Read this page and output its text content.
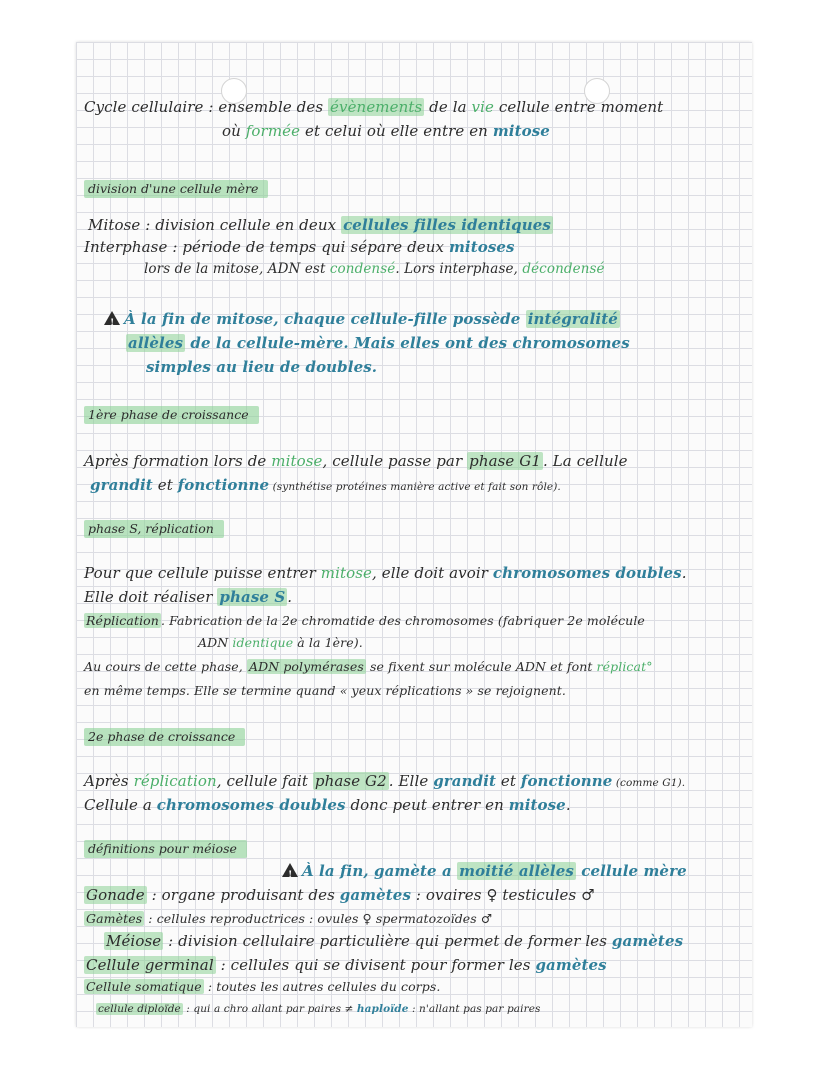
Cycle cellulaire : ensemble des évènements de la vie cellule entre moment
où formée et celui où elle entre en mitose
division d'une cellule mère
Mitose : division cellule en deux cellules filles identiques
Interphase : période de temps qui sépare deux mitoses
lors de la mitose, ADN est condensé. Lors interphase, décondensé
!À la fin de mitose, chaque cellule-fille possède intégralité
allèles de la cellule-mère. Mais elles ont des chromosomes
simples au lieu de doubles.
1ère phase de croissance
Après formation lors de mitose, cellule passe par phase G1 . La cellule
grandit et fonctionne (synthétise protéines manière active et fait son rôle).
phase S, réplication
Pour que cellule puisse entrer mitose, elle doit avoir chromosomes doubles.
Elle doit réaliser phase S .
Réplication . Fabrication de la 2e chromatide des chromosomes (fabriquer 2e molécule
ADN identique à la 1ère).
Au cours de cette phase, ADN polymérases se fixent sur molécule ADN et font réplicat°
en même temps. Elle se termine quand « yeux réplications » se rejoignent.
2e phase de croissance
Après réplication, cellule fait phase G2 . Elle grandit et fonctionne (comme G1).
Cellule a chromosomes doubles donc peut entrer en mitose.
définitions pour méiose
!À la fin, gamète a moitié allèles cellule mère
Gonade : organe produisant des gamètes : ovaires ♀ testicules ♂
Gamètes : cellules reproductrices : ovules ♀ spermatozoïdes ♂
Méiose : division cellulaire particulière qui permet de former les gamètes
Cellule germinal : cellules qui se divisent pour former les gamètes
Cellule somatique : toutes les autres cellules du corps.
cellule diploïde : qui a chro allant par paires ≠ haploïde : n'allant pas par paires
